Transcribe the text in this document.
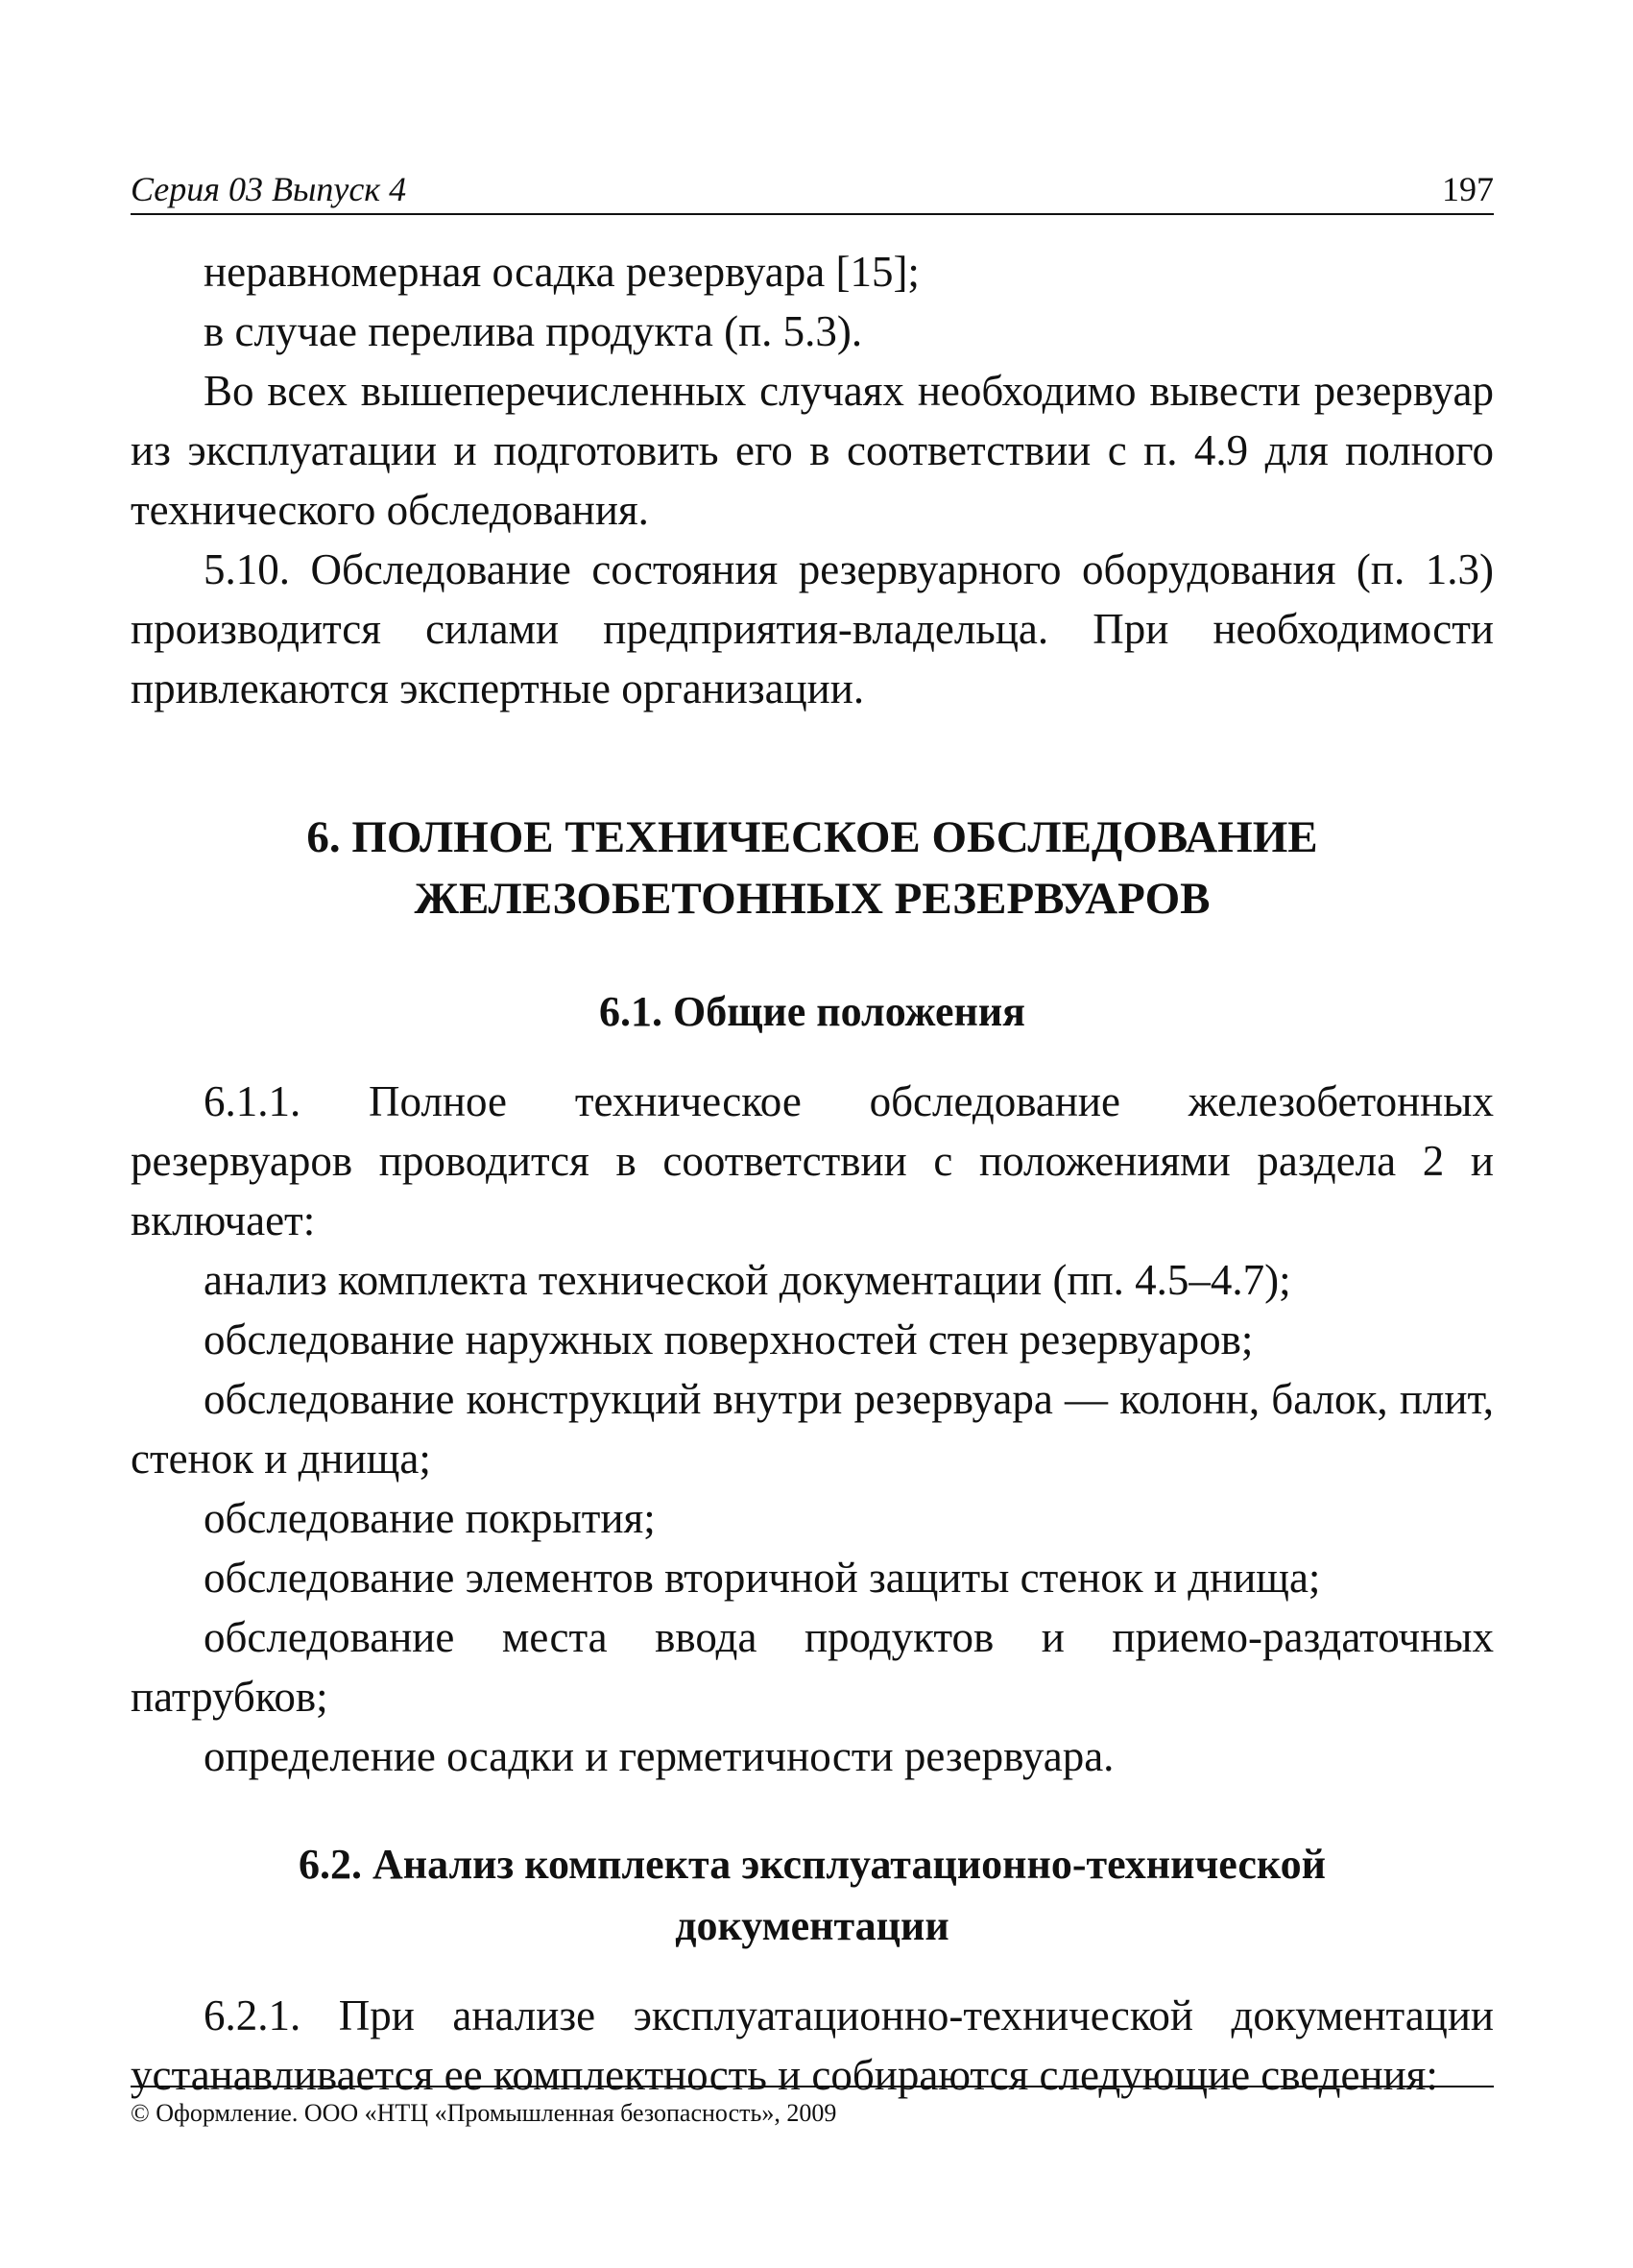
Серия 03 Выпуск 4	197

неравномерная осадка резервуара [15];

в случае перелива продукта (п. 5.3).

Во всех вышеперечисленных случаях необходимо вывести резервуар из эксплуатации и подготовить его в соответствии с п. 4.9 для полного технического обследования.

5.10. Обследование состояния резервуарного оборудования (п. 1.3) производится силами предприятия-владельца. При необходимости привлекаются экспертные организации.

6. ПОЛНОЕ ТЕХНИЧЕСКОЕ ОБСЛЕДОВАНИЕ
ЖЕЛЕЗОБЕТОННЫХ РЕЗЕРВУАРОВ
6.1. Общие положения

6.1.1. Полное техническое обследование железобетонных резервуаров проводится в соответствии с положениями раздела 2 и включает:

анализ комплекта технической документации (пп. 4.5–4.7);

обследование наружных поверхностей стен резервуаров;

обследование конструкций внутри резервуара — колонн, балок, плит, стенок и днища;

обследование покрытия;

обследование элементов вторичной защиты стенок и днища;

обследование места ввода продуктов и приемо-раздаточных патрубков;

определение осадки и герметичности резервуара.

6.2. Анализ комплекта эксплуатационно-технической
документации

6.2.1. При анализе эксплуатационно-технической документации устанавливается ее комплектность и собираются следующие сведения:

© Оформление. ООО «НТЦ «Промышленная безопасность», 2009
